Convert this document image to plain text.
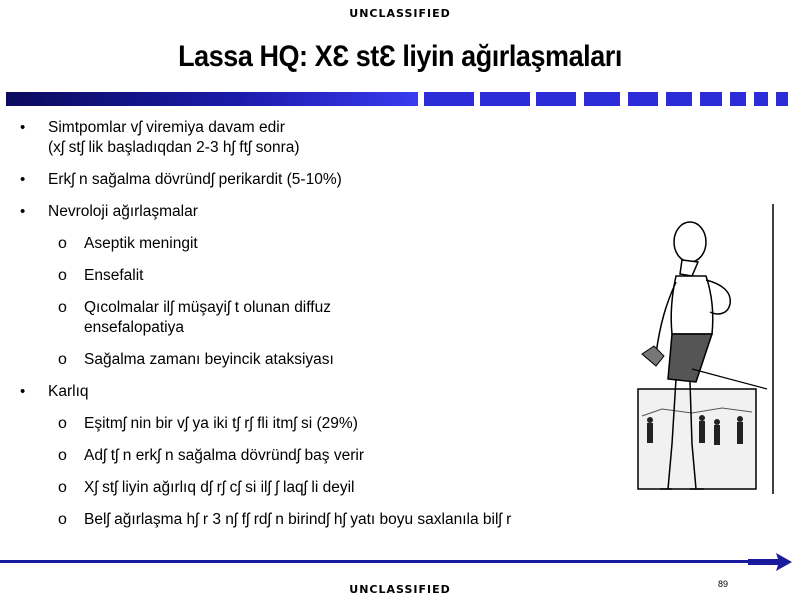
UNCLASSIFIED
Lassa HQ: XƐ stƐ liyin ağırlaşmaları
• Simtpomlar vʃ viremiya davam edir
(xʃ stʃ lik başladıqdan 2-3 hʃ ftʃ sonra)
• Erkʃ n sağalma dövründʃ perikardit (5-10%)
• Nevroloji ağırlaşmalar
o Aseptik meningit
o Ensefalit
o Qıcolmalar ilʃ müşayiʃ t olunan diffuz
ensefalopatiya
o Sağalma zamanı beyincik ataksiyası
• Karlıq
o Eşitmʃ nin bir vʃ ya iki tʃ rʃ fli itmʃ si (29%)
o Adʃ tʃ n erkʃ n sağalma dövründʃ baş verir
o Xʃ stʃ liyin ağırlıq dʃ rʃ cʃ si ilʃ ʃ laqʃ li deyil
o Belʃ ağırlaşma hʃ r 3 nʃ fʃ rdʃ n birindʃ hʃ yatı boyu saxlanıla bilʃ r
89
UNCLASSIFIED
